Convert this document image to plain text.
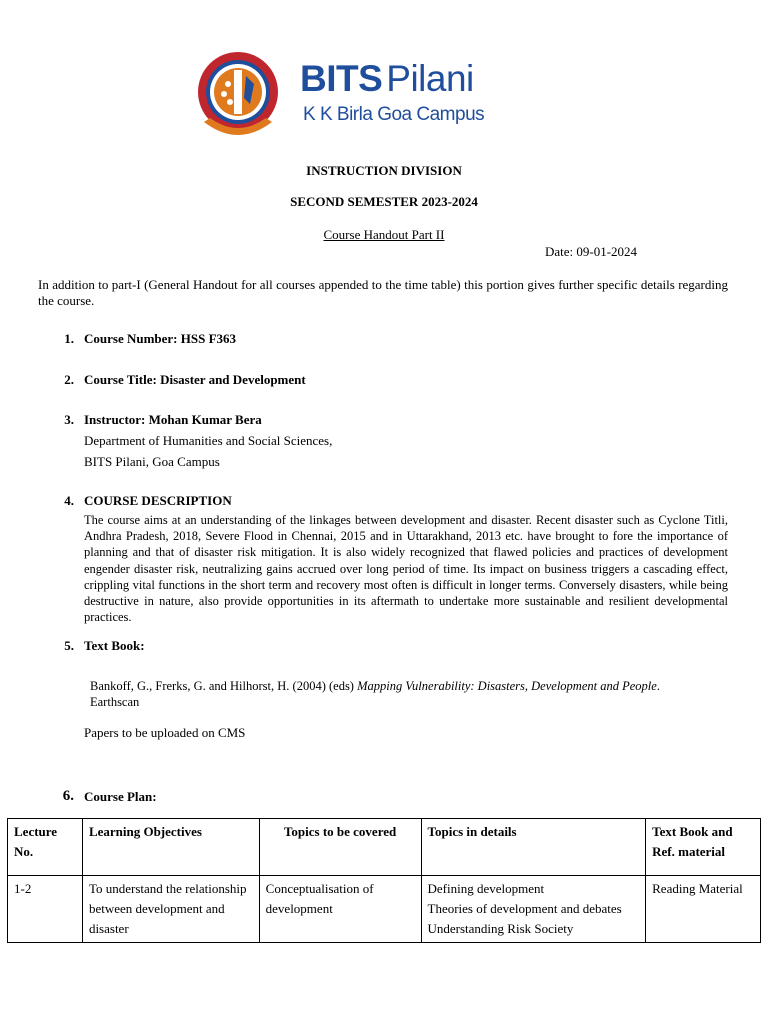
BITS Pilani
K K Birla Goa Campus
INSTRUCTION DIVISION
SECOND SEMESTER 2023-2024
Course Handout Part II
Date: 09-01-2024
In addition to part-I (General Handout for all courses appended to the time table) this portion gives further specific details regarding the course.
1. Course Number: HSS F363
2. Course Title: Disaster and Development
3. Instructor: Mohan Kumar Bera
Department of Humanities and Social Sciences,
BITS Pilani, Goa Campus
4. COURSE DESCRIPTION
The course aims at an understanding of the linkages between development and disaster. Recent disaster such as Cyclone Titli, Andhra Pradesh, 2018, Severe Flood in Chennai, 2015 and in Uttarakhand, 2013 etc. have brought to fore the importance of planning and that of disaster risk mitigation. It is also widely recognized that flawed policies and practices of development engender disaster risk, neutralizing gains accrued over long period of time. Its impact on business triggers a cascading effect, crippling vital functions in the short term and recovery most often is difficult in longer terms. Conversely disasters, while being destructive in nature, also provide opportunities in its aftermath to undertake more sustainable and resilient developmental practices.
5. Text Book:
Bankoff, G., Frerks, G. and Hilhorst, H. (2004) (eds) Mapping Vulnerability: Disasters, Development and People.
Earthscan
Papers to be uploaded on CMS
6. Course Plan:
Lecture No.	Learning Objectives	Topics to be covered	Topics in details	Text Book and Ref. material
1-2	To understand the relationship between development and disaster	Conceptualisation of development	Defining development
Theories of development and debates
Understanding Risk Society	Reading Material
